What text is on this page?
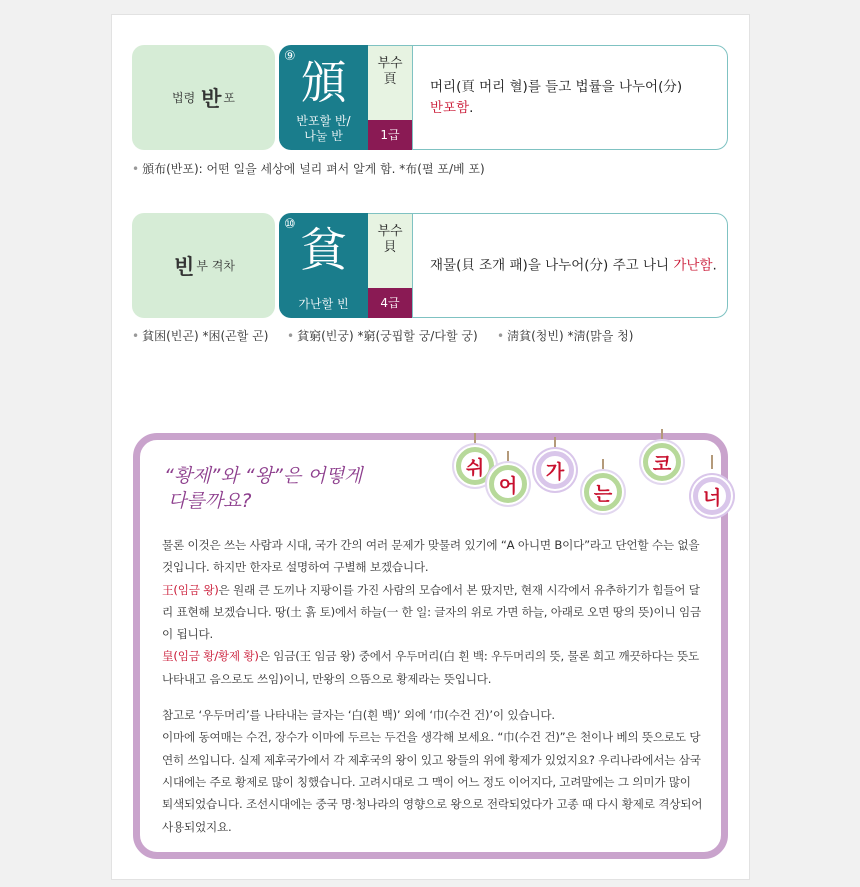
법령
반 포
⑨ 頒
반포할 반/
나눌 반
부수
頁
1급
머리(頁 머리 혈)를 들고 법률을 나누어(分)
반포함.
• 頒布(반포): 어떤 일을 세상에 널리 펴서 알게 함. *布(펼 포/베 포)
빈 부 격차
⑩ 貧
가난할 빈
부수
貝
4급
재물(貝 조개 패)을 나누어(分) 주고 나니 가난함.
• 貧困(빈곤) *困(곤할 곤) • 貧窮(빈궁) *窮(궁핍할 궁/다할 궁) • 淸貧(청빈) *淸(맑을 청)
“황제”와 “왕”은 어떻게
다를까요?

물론 이것은 쓰는 사람과 시대, 국가 간의 여러 문제가 맞물려 있기에 “A 아니면 B이다”라고 단언할 수는 없을 것입니다. 하지만 한자로 설명하여 구별해 보겠습니다.

王(임금 왕)은 원래 큰 도끼나 지팡이를 가진 사람의 모습에서 본 땄지만, 현재 시각에서 유추하기가 힘들어 달리 표현해 보겠습니다. 땅(土 흙 토)에서 하늘(一 한 일: 글자의 위로 가면 하늘, 아래로 오면 땅의 뜻)이니 임금이 됩니다.

皇(임금 황/황제 황)은 임금(王 임금 왕) 중에서 우두머리(白 흰 백: 우두머리의 뜻, 물론 희고 깨끗하다는 뜻도 나타내고 음으로도 쓰임)이니, 만왕의 으뜸으로 황제라는 뜻입니다.

참고로 ‘우두머리’를 나타내는 글자는 ‘白(흰 백)’ 외에 ‘巾(수건 건)’이 있습니다.

이마에 동여매는 수건, 장수가 이마에 두르는 두건을 생각해 보세요. “巾(수건 건)”은 천이나 베의 뜻으로도 당연히 쓰입니다. 실제 제후국가에서 각 제후국의 왕이 있고 왕들의 위에 황제가 있었지요? 우리나라에서는 삼국시대에는 주로 황제로 많이 칭했습니다. 고려시대로 그 맥이 어느 정도 이어지다, 고려말에는 그 의미가 많이 퇴색되었습니다. 조선시대에는 중국 명·청나라의 영향으로 왕으로 전락되었다가 고종 때 다시 황제로 격상되어 사용되었지요.

쉬
어
가
는
코
너
